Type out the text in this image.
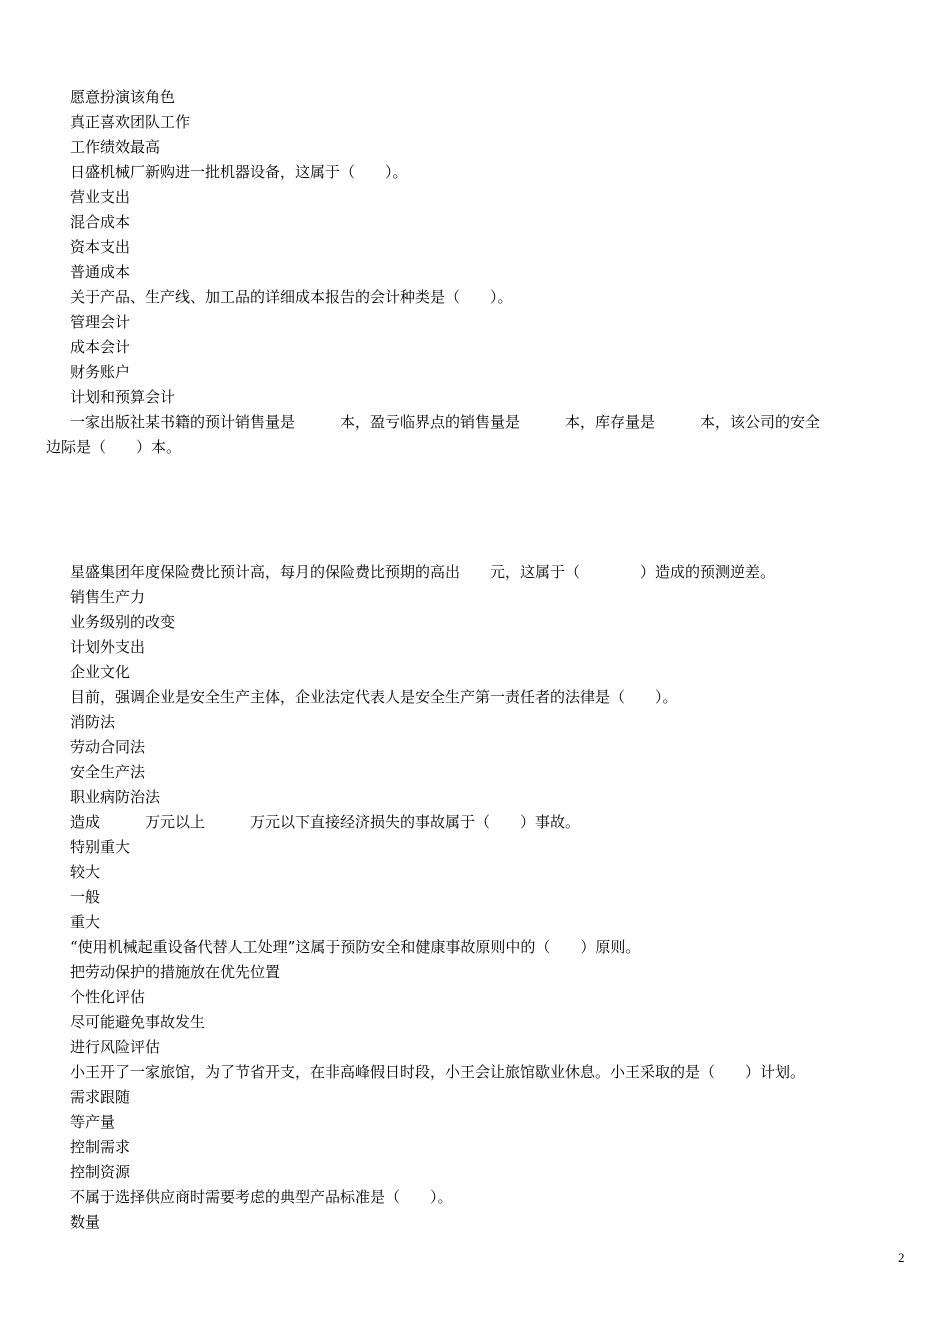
愿意扮演该角色
真正喜欢团队工作
工作绩效最高
日盛机械厂新购进一批机器设备，这属于（　　）。
营业支出
混合成本
资本支出
普通成本
关于产品、生产线、加工品的详细成本报告的会计种类是（　　）。
管理会计
成本会计
财务账户
计划和预算会计
一家出版社某书籍的预计销售量是　　　本，盈亏临界点的销售量是　　　本，库存量是　　　本，该公司的安全
边际是（　　）本。
星盛集团年度保险费比预计高，每月的保险费比预期的高出　　元，这属于（　　　　）造成的预测逆差。
销售生产力
业务级别的改变
计划外支出
企业文化
目前，强调企业是安全生产主体，企业法定代表人是安全生产第一责任者的法律是（　　）。
消防法
劳动合同法
安全生产法
职业病防治法
造成　　　万元以上　　　万元以下直接经济损失的事故属于（　　）事故。
特别重大
较大
一般
重大
“使用机械起重设备代替人工处理”这属于预防安全和健康事故原则中的（　　）原则。
把劳动保护的措施放在优先位置
个性化评估
尽可能避免事故发生
进行风险评估
小王开了一家旅馆，为了节省开支，在非高峰假日时段，小王会让旅馆歇业休息。小王采取的是（　　）计划。
需求跟随
等产量
控制需求
控制资源
不属于选择供应商时需要考虑的典型产品标准是（　　）。
数量
2
